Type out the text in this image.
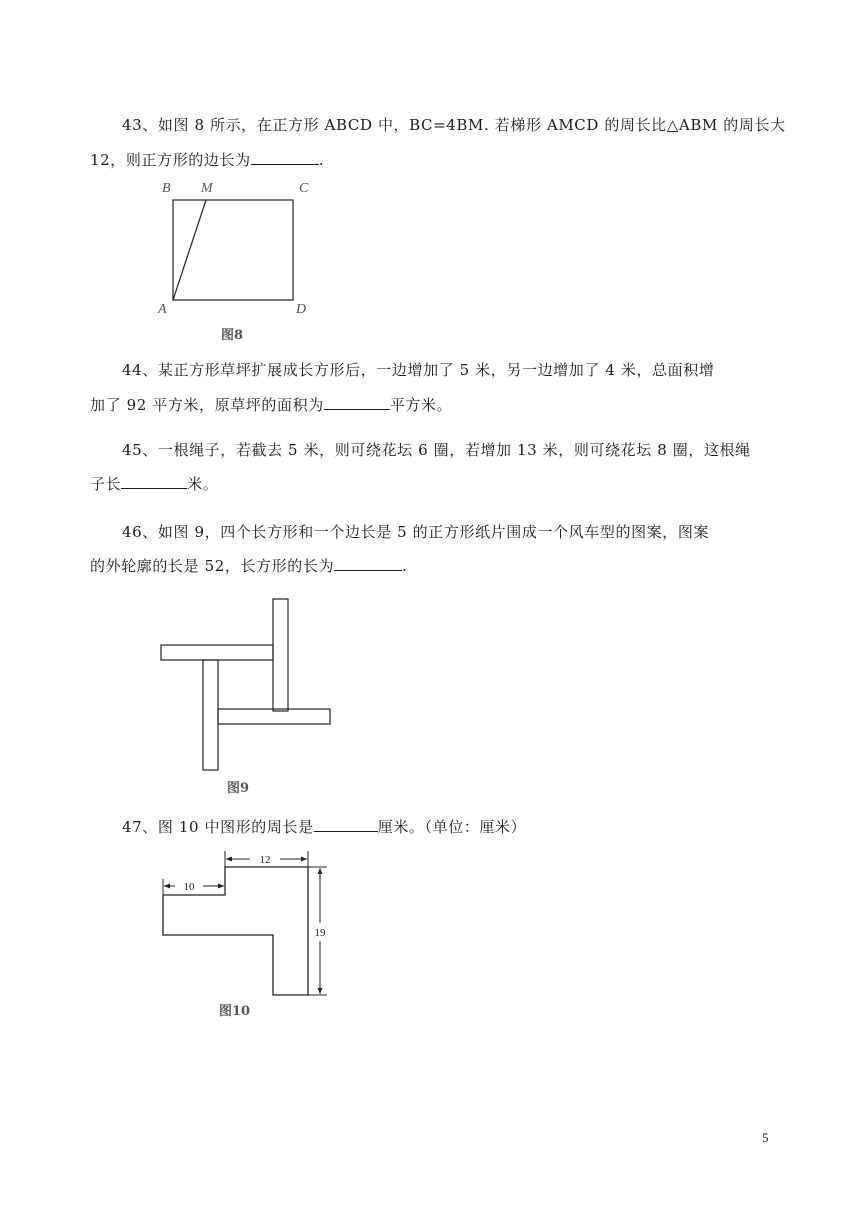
43、如图 8 所示，在正方形 ABCD 中，BC=4BM. 若梯形 AMCD 的周长比△ABM 的周长大
12，则正方形的边长为	.
B M	C
A	D
图8
44、某正方形草坪扩展成长方形后，一边增加了 5 米，另一边增加了 4 米，总面积增
加了 92 平方米，原草坪的面积为	平方米。
45、一根绳子，若截去 5 米，则可绕花坛 6 圈，若增加 13 米，则可绕花坛 8 圈，这根绳
子长	米。
46、如图 9，四个长方形和一个边长是 5 的正方形纸片围成一个风车型的图案，图案
的外轮廓的长是 52，长方形的长为	.
图9
47、图 10 中图形的周长是	厘米。（单位：厘米）
10
12
19
图10
5
